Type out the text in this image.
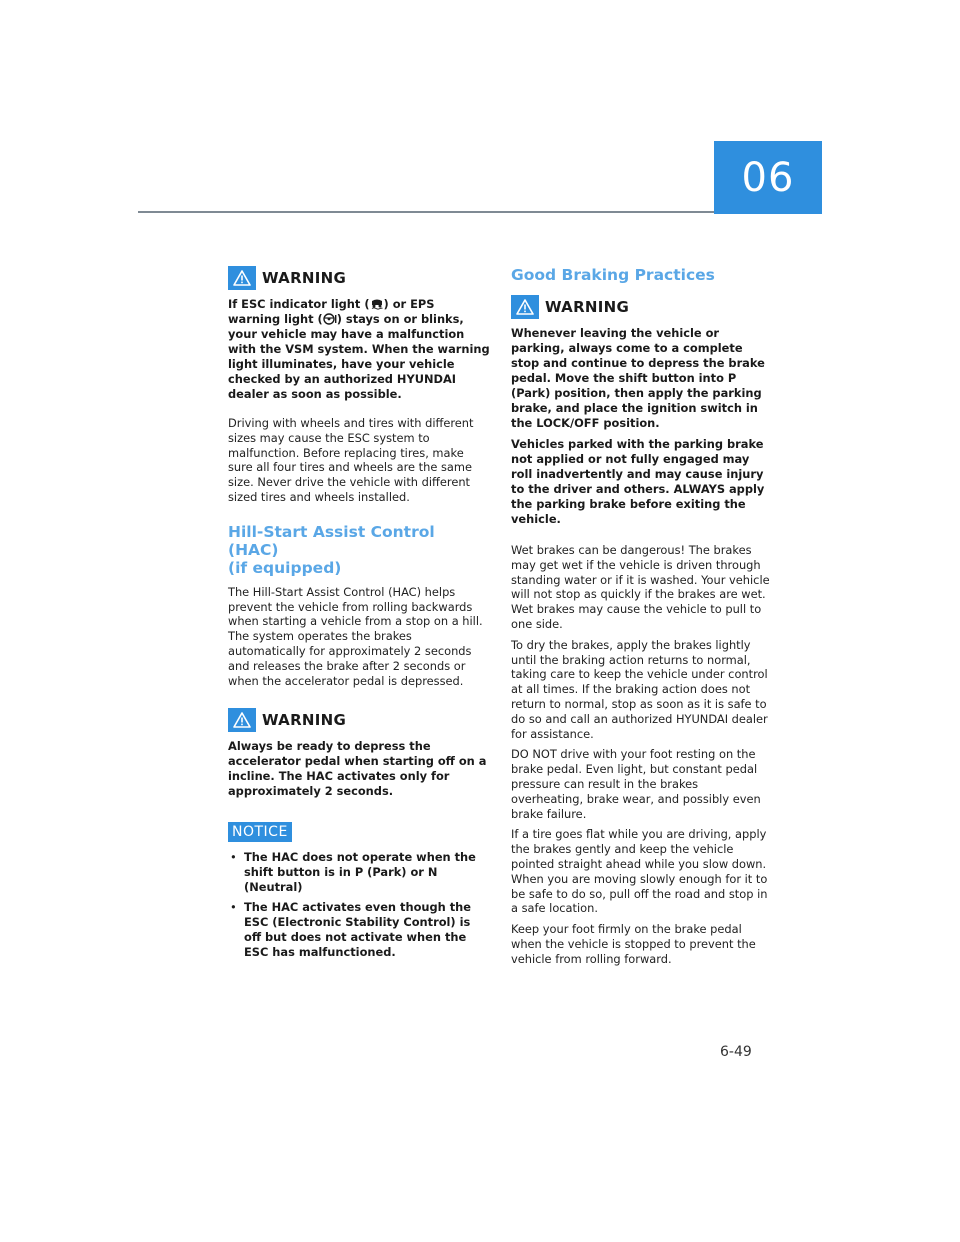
06
WARNING

If ESC indicator light ( ) or EPS warning light ( ) stays on or blinks, your vehicle may have a malfunction with the VSM system. When the warning light illuminates, have your vehicle checked by an authorized HYUNDAI dealer as soon as possible.

Driving with wheels and tires with different sizes may cause the ESC system to malfunction. Before replacing tires, make sure all four tires and wheels are the same size. Never drive the vehicle with different sized tires and wheels installed.

Hill-Start Assist Control (HAC)
(if equipped)

The Hill-Start Assist Control (HAC) helps prevent the vehicle from rolling backwards when starting a vehicle from a stop on a hill. The system operates the brakes automatically for approximately 2 seconds and releases the brake after 2 seconds or when the accelerator pedal is depressed.

WARNING

Always be ready to depress the accelerator pedal when starting off on a incline. The HAC activates only for approximately 2 seconds.

NOTICE
• The HAC does not operate when the shift button is in P (Park) or N (Neutral)
• The HAC activates even though the ESC (Electronic Stability Control) is off but does not activate when the ESC has malfunctioned.
Good Braking Practices
WARNING

Whenever leaving the vehicle or parking, always come to a complete stop and continue to depress the brake pedal. Move the shift button into P (Park) position, then apply the parking brake, and place the ignition switch in the LOCK/OFF position.

Vehicles parked with the parking brake not applied or not fully engaged may roll inadvertently and may cause injury to the driver and others. ALWAYS apply the parking brake before exiting the vehicle.

Wet brakes can be dangerous! The brakes may get wet if the vehicle is driven through standing water or if it is washed. Your vehicle will not stop as quickly if the brakes are wet. Wet brakes may cause the vehicle to pull to one side.

To dry the brakes, apply the brakes lightly until the braking action returns to normal, taking care to keep the vehicle under control at all times. If the braking action does not return to normal, stop as soon as it is safe to do so and call an authorized HYUNDAI dealer for assistance.

DO NOT drive with your foot resting on the brake pedal. Even light, but constant pedal pressure can result in the brakes overheating, brake wear, and possibly even brake failure.

If a tire goes flat while you are driving, apply the brakes gently and keep the vehicle pointed straight ahead while you slow down. When you are moving slowly enough for it to be safe to do so, pull off the road and stop in a safe location.

Keep your foot firmly on the brake pedal when the vehicle is stopped to prevent the vehicle from rolling forward.

6-49
